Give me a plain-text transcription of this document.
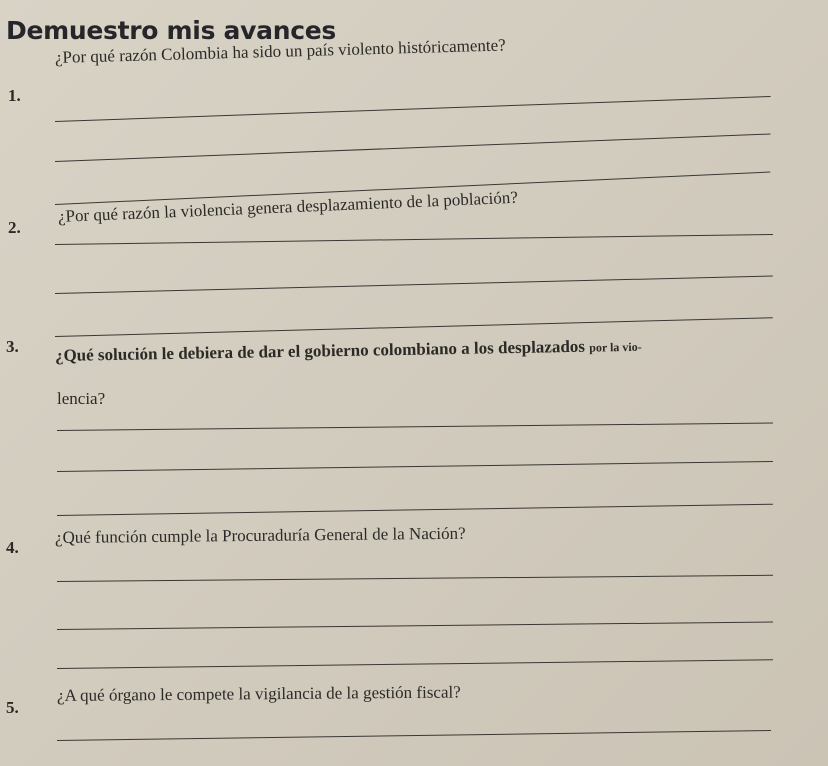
Demuestro mis avances
1.
¿Por qué razón Colombia ha sido un país violento históricamente?
2.
¿Por qué razón la violencia genera desplazamiento de la población?
3. ¿Qué solución le debiera de dar el gobierno colombiano a los desplazados por la vio-
lencia?
4.
¿Qué función cumple la Procuraduría General de la Nación?
5.
¿A qué órgano le compete la vigilancia de la gestión fiscal?
